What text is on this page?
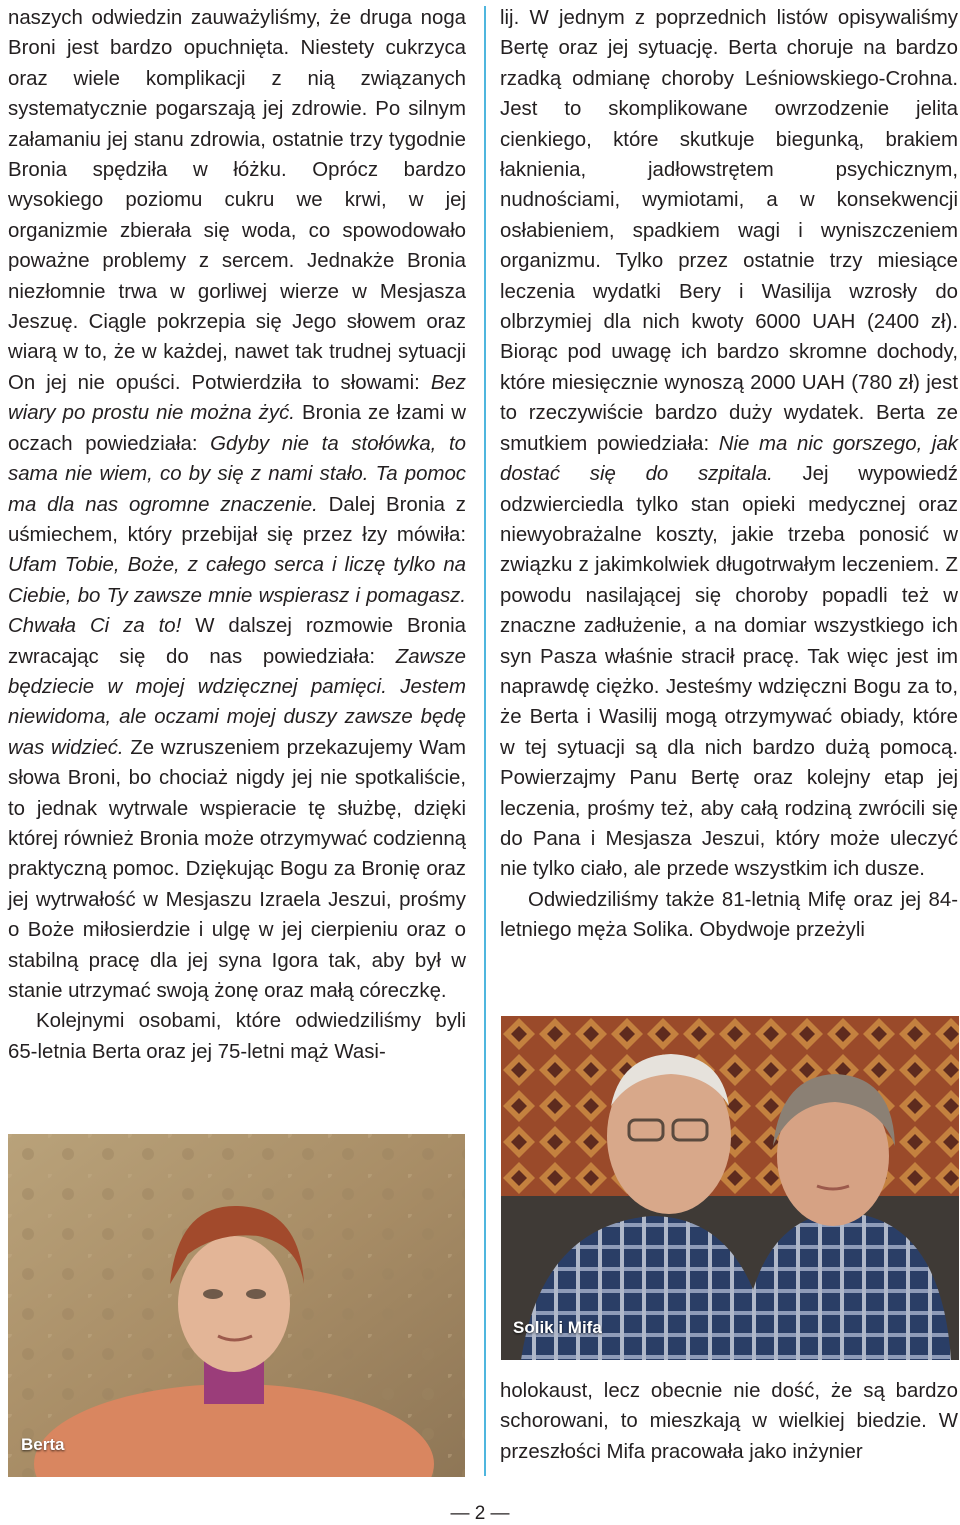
naszych odwiedzin zauważyliśmy, że druga noga Broni jest bardzo opuchnięta. Niestety cukrzyca oraz wiele komplikacji z nią związanych systematycznie pogarszają jej zdrowie. Po silnym załamaniu jej stanu zdrowia, ostatnie trzy tygodnie Bronia spędziła w łóżku. Oprócz bardzo wysokiego poziomu cukru we krwi, w jej organizmie zbierała się woda, co spowodowało poważne problemy z sercem. Jednakże Bronia niezłomnie trwa w gorliwej wierze w Mesjasza Jeszuę. Ciągle pokrzepia się Jego słowem oraz wiarą w to, że w każdej, nawet tak trudnej sytuacji On jej nie opuści. Potwierdziła to słowami: Bez wiary po prostu nie można żyć. Bronia ze łzami w oczach powiedziała: Gdyby nie ta stołówka, to sama nie wiem, co by się z nami stało. Ta pomoc ma dla nas ogromne znaczenie. Dalej Bronia z uśmiechem, który przebijał się przez łzy mówiła: Ufam Tobie, Boże, z całego serca i liczę tylko na Ciebie, bo Ty zawsze mnie wspierasz i pomagasz. Chwała Ci za to! W dalszej rozmowie Bronia zwracając się do nas powiedziała: Zawsze będziecie w mojej wdzięcznej pamięci. Jestem niewidoma, ale oczami mojej duszy zawsze będę was widzieć. Ze wzruszeniem przekazujemy Wam słowa Broni, bo chociaż nigdy jej nie spotkaliście, to jednak wytrwale wspieracie tę służbę, dzięki której również Bronia może otrzymywać codzienną praktyczną pomoc. Dziękując Bogu za Bronię oraz jej wytrwałość w Mesjaszu Izraela Jeszui, prośmy o Boże miłosierdzie i ulgę w jej cierpieniu oraz o stabilną pracę dla jej syna Igora tak, aby był w stanie utrzymać swoją żonę oraz małą córeczkę.

Kolejnymi osobami, które odwiedziliśmy byli 65-letnia Berta oraz jej 75-letni mąż Wasi-

Berta

lij. W jednym z poprzednich listów opisywaliśmy Bertę oraz jej sytuację. Berta choruje na bardzo rzadką odmianę choroby Leśniowskiego-Crohna. Jest to skomplikowane owrzodzenie jelita cienkiego, które skutkuje biegunką, brakiem łaknienia, jadłowstrętem psychicznym, nudnościami, wymiotami, a w konsekwencji osłabieniem, spadkiem wagi i wyniszczeniem organizmu. Tylko przez ostatnie trzy miesiące leczenia wydatki Bery i Wasilija wzrosły do olbrzymiej dla nich kwoty 6000 UAH (2400 zł). Biorąc pod uwagę ich bardzo skromne dochody, które miesięcznie wynoszą 2000 UAH (780 zł) jest to rzeczywiście bardzo duży wydatek. Berta ze smutkiem powiedziała: Nie ma nic gorszego, jak dostać się do szpitala. Jej wypowiedź odzwierciedla tylko stan opieki medycznej oraz niewyobrażalne koszty, jakie trzeba ponosić w związku z jakimkolwiek długotrwałym leczeniem. Z powodu nasilającej się choroby popadli też w znaczne zadłużenie, a na domiar wszystkiego ich syn Pasza właśnie stracił pracę. Tak więc jest im naprawdę ciężko. Jesteśmy wdzięczni Bogu za to, że Berta i Wasilij mogą otrzymywać obiady, które w tej sytuacji są dla nich bardzo dużą pomocą. Powierzajmy Panu Bertę oraz kolejny etap jej leczenia, prośmy też, aby całą rodziną zwrócili się do Pana i Mesjasza Jeszui, który może uleczyć nie tylko ciało, ale przede wszystkim ich dusze.

Odwiedziliśmy także 81-letnią Mifę oraz jej 84-letniego męża Solika. Obydwoje przeżyli

Solik i Mifa

holokaust, lecz obecnie nie dość, że są bardzo schorowani, to mieszkają w wielkiej biedzie. W przeszłości Mifa pracowała jako inżynier

— 2 —
